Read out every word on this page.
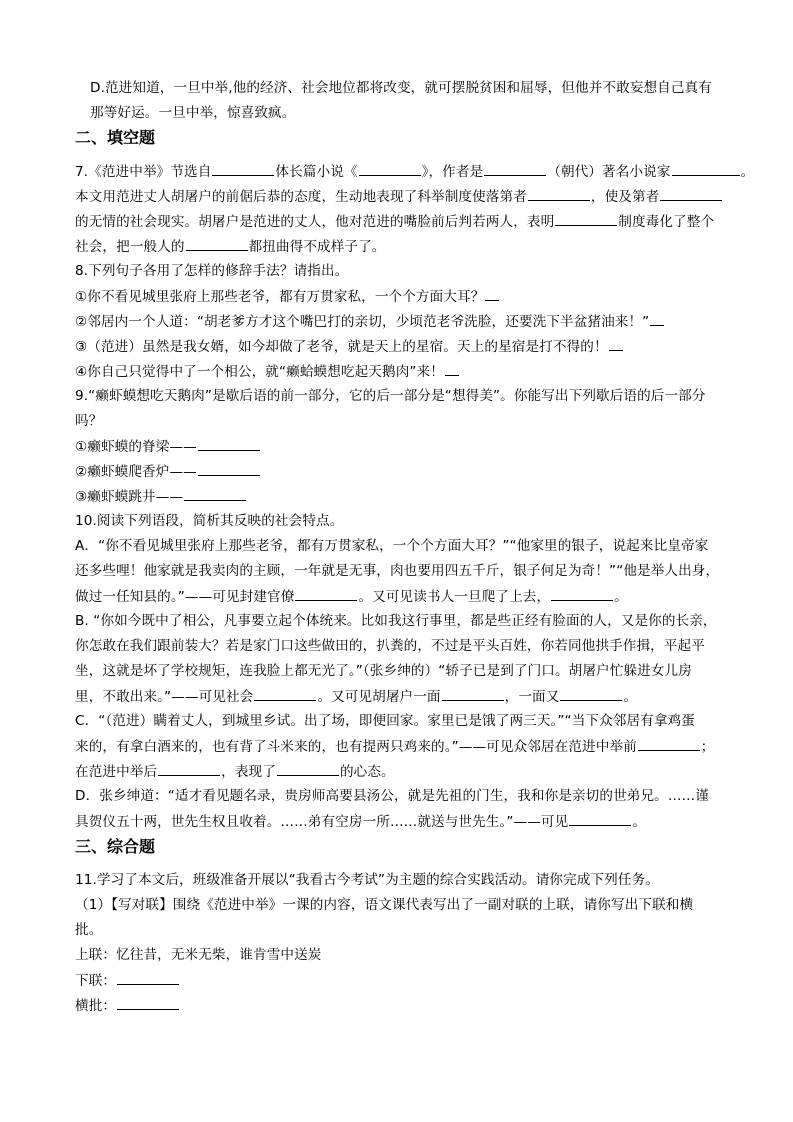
D.范进知道，一旦中举,他的经济、社会地位都将改变，就可摆脱贫困和屈辱，但他并不敢妄想自己真有
那等好运。一旦中举，惊喜致疯。
二、填空题
7.《范进中举》节选自	体长篇小说《	》，作者是	（朝代）著名小说家	。
本文用范进丈人胡屠户的前倨后恭的态度，生动地表现了科举制度使落第者	，使及第者
的无情的社会现实。胡屠户是范进的丈人，他对范进的嘴脸前后判若两人，表明	制度毒化了整个
社会，把一般人的	都扭曲得不成样子了。
8.下列句子各用了怎样的修辞手法？请指出。
①你不看见城里张府上那些老爷，都有万贯家私，一个个方面大耳？
②邻居内一个人道：“胡老爹方才这个嘴巴打的亲切，少顷范老爷洗脸，还要洗下半盆猪油来！”
③（范进）虽然是我女婿，如今却做了老爷，就是天上的星宿。天上的星宿是打不得的！
④你自己只觉得中了一个相公，就“癞蛤蟆想吃起天鹅肉”来！
9.“癞虾蟆想吃天鹅肉”是歇后语的前一部分，它的后一部分是“想得美”。你能写出下列歇后语的后一部分
吗？
①癞虾蟆的脊梁——
②癞虾蟆爬香炉——
③癞虾蟆跳井——
10.阅读下列语段，简析其反映的社会特点。
A．“你不看见城里张府上那些老爷，都有万贯家私，一个个方面大耳？”“他家里的银子，说起来比皇帝家
还多些哩！他家就是我卖肉的主顾，一年就是无事，肉也要用四五千斤，银子何足为奇！”“他是举人出身，
做过一任知县的。”——可见封建官僚	。又可见读书人一旦爬了上去，	。
B. “你如今既中了相公，凡事要立起个体统来。比如我这行事里，都是些正经有脸面的人，又是你的长亲，
你怎敢在我们跟前装大？若是家门口这些做田的，扒粪的，不过是平头百姓，你若同他拱手作揖，平起平
坐，这就是坏了学校规矩，连我脸上都无光了。”（张乡绅的）“轿子已是到了门口。胡屠户忙躲进女儿房
里，不敢出来。”——可见社会	。又可见胡屠户一面	，一面又	。
C．“（范进）瞒着丈人，到城里乡试。出了场，即便回家。家里已是饿了两三天。”“当下众邻居有拿鸡蛋
来的，有拿白酒来的，也有背了斗米来的，也有提两只鸡来的。”——可见众邻居在范进中举前	；
在范进中举后	，表现了	的心态。
D．张乡绅道：“适才看见题名录，贵房师高要县汤公，就是先祖的门生，我和你是亲切的世弟兄。……谨
具贺仪五十两，世先生权且收着。……弟有空房一所……就送与世先生。”——可见	。
三、综合题
11.学习了本文后，班级准备开展以“我看古今考试”为主题的综合实践活动。请你完成下列任务。
（1）【写对联】围绕《范进中举》一课的内容，语文课代表写出了一副对联的上联，请你写出下联和横
批。
上联：忆往昔，无米无柴，谁肯雪中送炭
下联：
横批：
